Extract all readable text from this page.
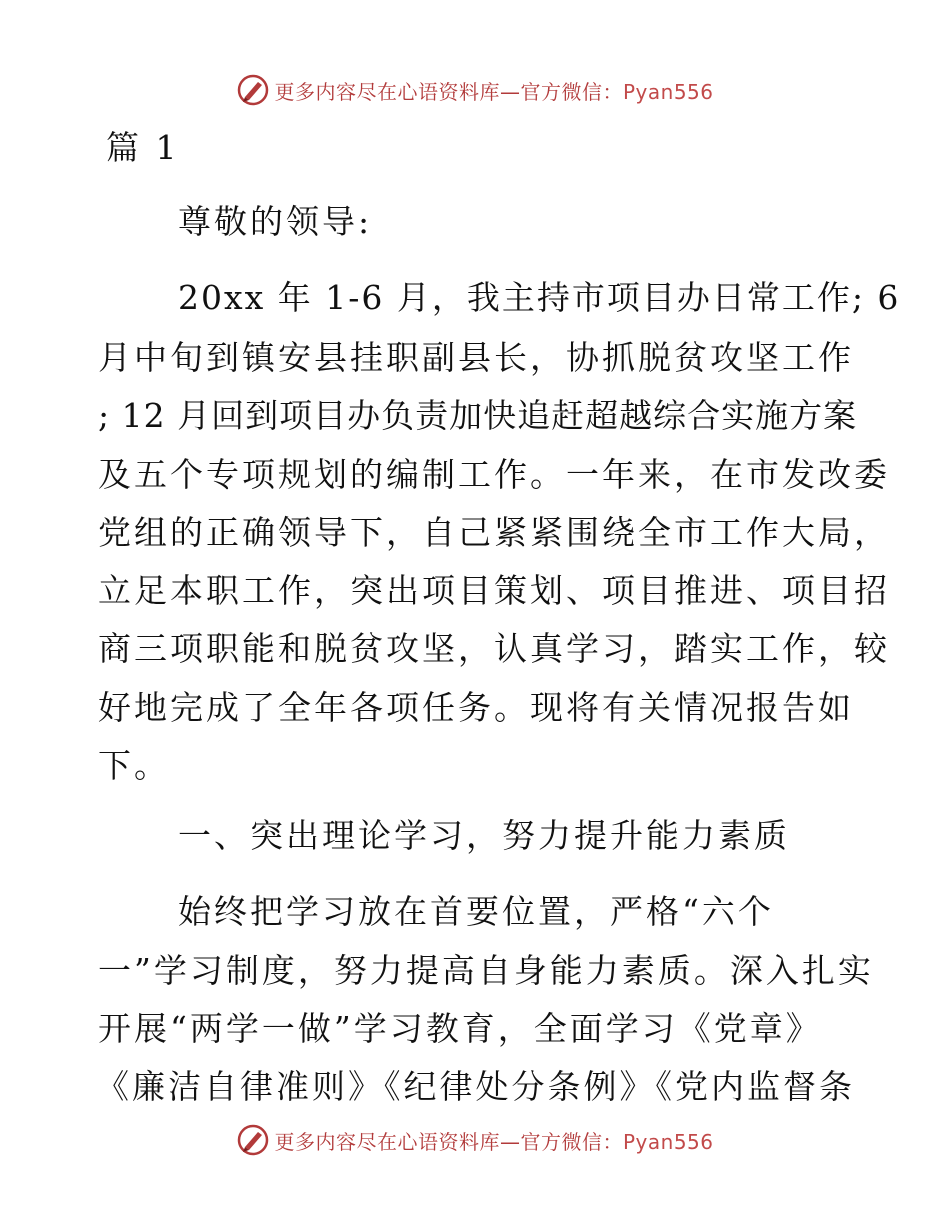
更多内容尽在心语资料库—官方微信：Pyan556
篇 1
尊敬的领导:
20xx 年 1-6 月，我主持市项目办日常工作; 6
月中旬到镇安县挂职副县长，协抓脱贫攻坚工作
; 12 月回到项目办负责加快追赶超越综合实施方案
及五个专项规划的编制工作。一年来，在市发改委
党组的正确领导下，自己紧紧围绕全市工作大局，
立足本职工作，突出项目策划、项目推进、项目招
商三项职能和脱贫攻坚，认真学习，踏实工作，较
好地完成了全年各项任务。现将有关情况报告如
下。
一、突出理论学习，努力提升能力素质
始终把学习放在首要位置，严格“六个
一”学习制度，努力提高自身能力素质。深入扎实
开展“两学一做”学习教育，全面学习《党章》
《廉洁自律准则》《纪律处分条例》《党内监督条
更多内容尽在心语资料库—官方微信：Pyan556
